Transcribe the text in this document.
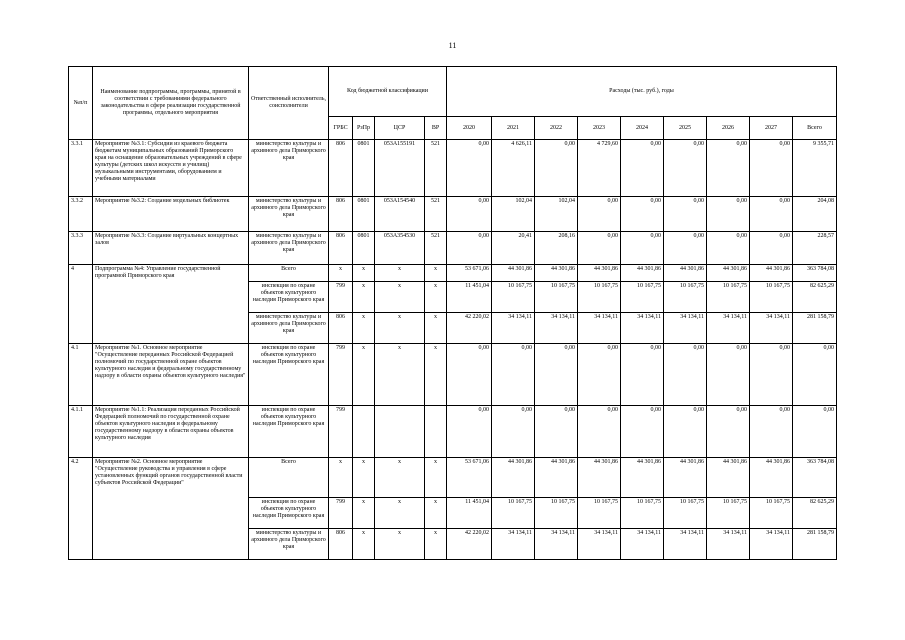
11
№п/п	Наименование подпрограммы, программы, принятой в соответствии с требованиями федерального законодательства в сфере реализации государственной программы, отдельного мероприятия	Ответственный исполнитель, соисполнители	Код бюджетной классификации				Расходы (тыс. руб.), годы								
			ГРБС	РзПр	ЦСР	ВР	2020	2021	2022	2023	2024	2025	2026	2027	Всего
3.3.1	Мероприятие №3.1: Субсидии из краевого бюджета бюджетам муниципальных образований Приморского края на оснащение образовательных учреждений в сфере культуры (детских школ искусств и училищ) музыкальными инструментами, оборудованием и учебными материалами	министерство культуры и архивного дела Приморского края	806	0801	053А155191	521	0,00	4 626,11	0,00	4 729,60	0,00	0,00	0,00	0,00	9 355,71
3.3.2	Мероприятие №3.2: Создание модельных библиотек	министерство культуры и архивного дела Приморского края	806	0801	053А154540	521	0,00	102,04	102,04	0,00	0,00	0,00	0,00	0,00	204,08
3.3.3	Мероприятие №3.3: Создание виртуальных концертных залов	министерство культуры и архивного дела Приморского края	806	0801	053А354530	521	0,00	20,41	208,16	0,00	0,00	0,00	0,00	0,00	228,57
4	Подпрограмма №4: Управление государственной программой Приморского края	Всего	х	х	х	х	53 671,06	44 301,86	44 301,86	44 301,86	44 301,86	44 301,86	44 301,86	44 301,86	363 784,08
		инспекция по охране объектов культурного наследия Приморского края	799	х	х	х	11 451,04	10 167,75	10 167,75	10 167,75	10 167,75	10 167,75	10 167,75	10 167,75	82 625,29
		министерство культуры и архивного дела Приморского края	806	х	х	х	42 220,02	34 134,11	34 134,11	34 134,11	34 134,11	34 134,11	34 134,11	34 134,11	281 158,79
4.1	Мероприятие №1. Основное мероприятие "Осуществление переданных Российской Федерацией полномочий по государственной охране объектов культурного наследия и федеральному государственному надзору в области охраны объектов культурного наследия"	инспекция по охране объектов культурного наследия Приморского края	799	х	х	х	0,00	0,00	0,00	0,00	0,00	0,00	0,00	0,00	0,00
4.1.1	Мероприятие №1.1: Реализация переданных Российской Федерацией полномочий по государственной охране объектов культурного наследия и федеральному государственному надзору в области охраны объектов культурного наследия	инспекция по охране объектов культурного наследия Приморского края	799				0,00	0,00	0,00	0,00	0,00	0,00	0,00	0,00	0,00
4.2	Мероприятие №2. Основное мероприятие "Осуществление руководства и управления в сфере установленных функций органов государственной власти субъектов Российской Федерации"	Всего	х	х	х	х	53 671,06	44 301,86	44 301,86	44 301,86	44 301,86	44 301,86	44 301,86	44 301,86	363 784,08
		инспекция по охране объектов культурного наследия Приморского края	799	х	х	х	11 451,04	10 167,75	10 167,75	10 167,75	10 167,75	10 167,75	10 167,75	10 167,75	82 625,29
		министерство культуры и архивного дела Приморского края	806	х	х	х	42 220,02	34 134,11	34 134,11	34 134,11	34 134,11	34 134,11	34 134,11	34 134,11	281 158,79
